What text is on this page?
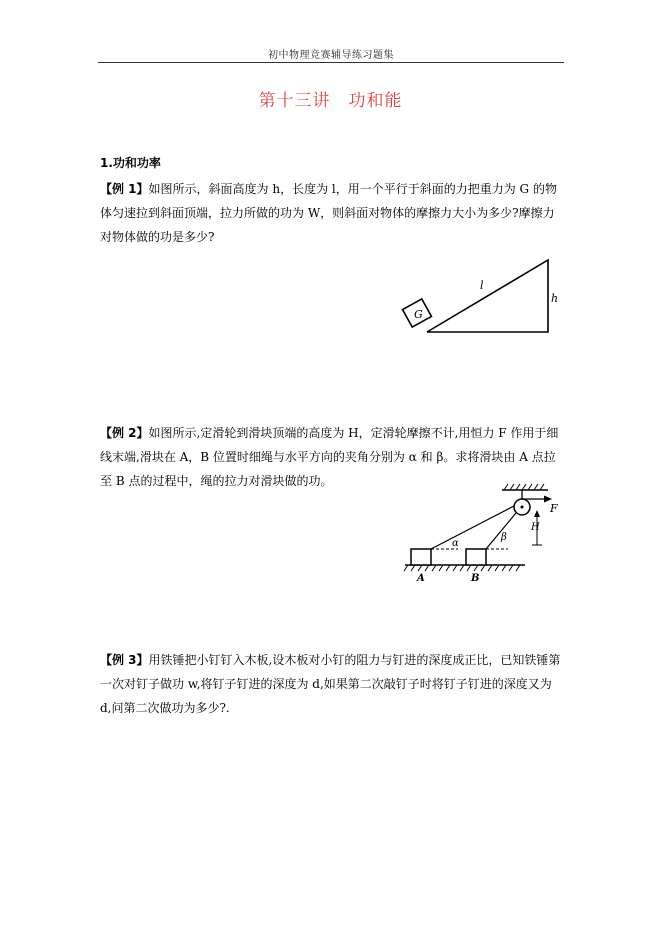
初中物理竞赛辅导练习题集
第十三讲　功和能
1.功和功率
【例 1】如图所示，斜面高度为 h，长度为 l，用一个平行于斜面的力把重力为 G 的物体匀速拉到斜面顶端，拉力所做的功为 W，则斜面对物体的摩擦力大小为多少?摩擦力对物体做的功是多少?
G
l
h
【例 2】如图所示,定滑轮到滑块顶端的高度为 H，定滑轮摩擦不计,用恒力 F 作用于细线末端,滑块在 A，B 位置时细绳与水平方向的夹角分别为 α 和 β。求将滑块由 A 点拉至 B 点的过程中，绳的拉力对滑块做的功。
F
H
α
β
A	B
【例 3】用铁锤把小钉钉入木板,设木板对小钉的阻力与钉进的深度成正比，已知铁锤第一次对钉子做功 w,将钉子钉进的深度为 d,如果第二次敲钉子时将钉子钉进的深度又为 d,问第二次做功为多少?.
